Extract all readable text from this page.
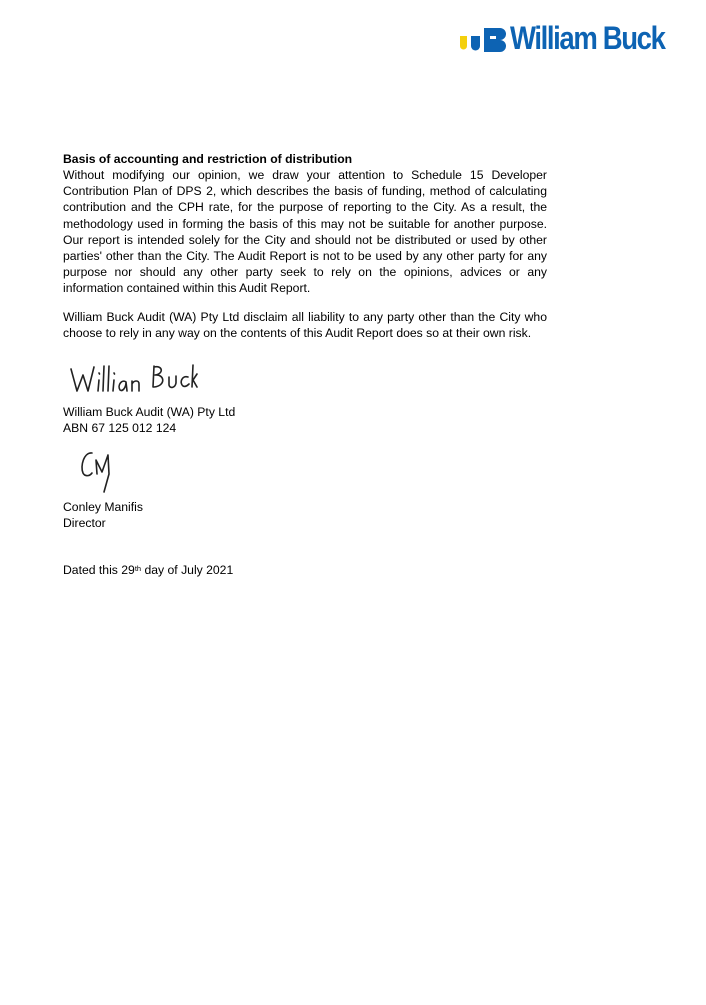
William Buck
Basis of accounting and restriction of distribution
Without modifying our opinion, we draw your attention to Schedule 15 Developer Contribution Plan of DPS 2, which describes the basis of funding, method of calculating contribution and the CPH rate, for the purpose of reporting to the City. As a result, the methodology used in forming the basis of this may not be suitable for another purpose. Our report is intended solely for the City and should not be distributed or used by other parties' other than the City. The Audit Report is not to be used by any other party for any purpose nor should any other party seek to rely on the opinions, advices or any information contained within this Audit Report.
William Buck Audit (WA) Pty Ltd disclaim all liability to any party other than the City who choose to rely in any way on the contents of this Audit Report does so at their own risk.
William Buck Audit (WA) Pty Ltd
ABN 67 125 012 124
Conley Manifis
Director
Dated this 29th day of July 2021
